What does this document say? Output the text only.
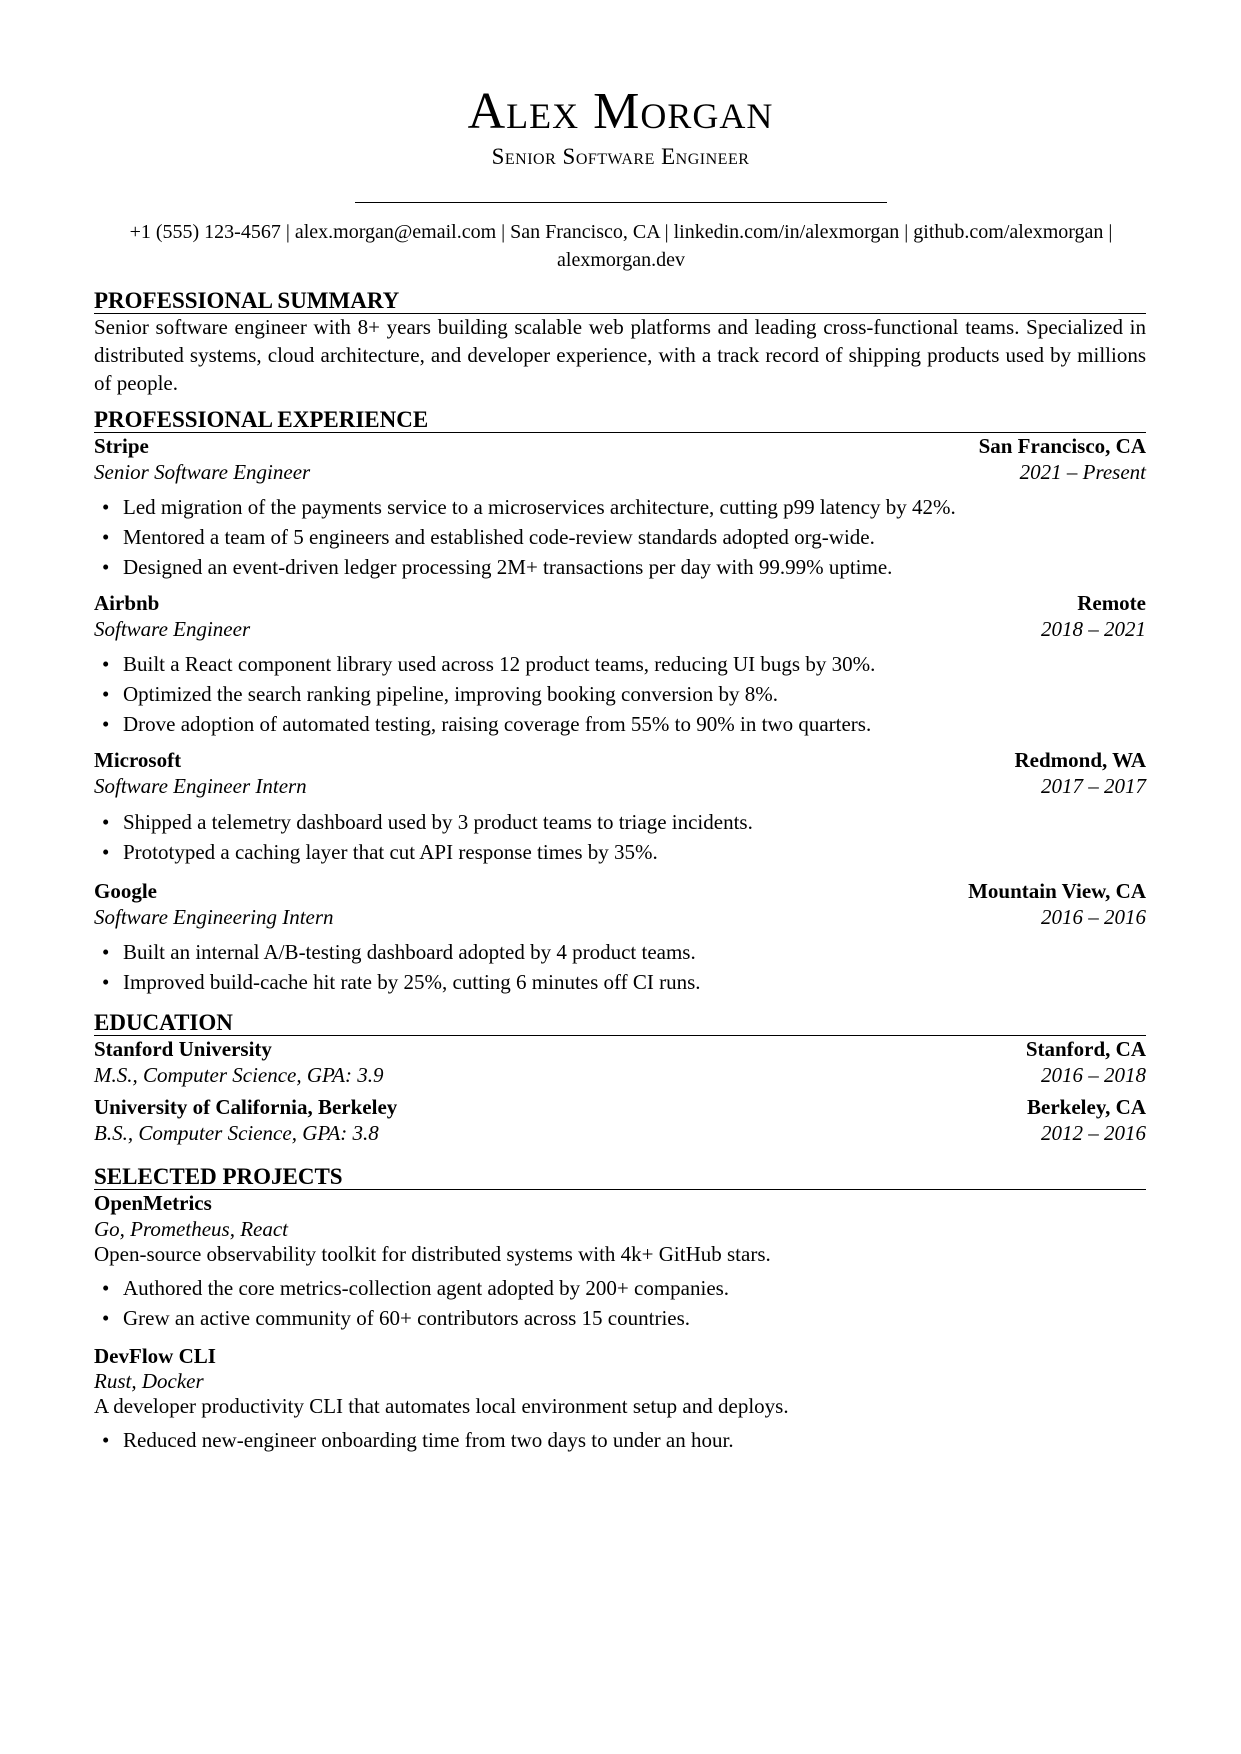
Alex Morgan
Senior Software Engineer
+1 (555) 123-4567 | alex.morgan@email.com | San Francisco, CA | linkedin.com/in/alexmorgan | github.com/alexmorgan |
alexmorgan.dev
PROFESSIONAL SUMMARY
Senior software engineer with 8+ years building scalable web platforms and leading cross-functional teams. Specialized in distributed systems, cloud architecture, and developer experience, with a track record of shipping products used by millions of people.
PROFESSIONAL EXPERIENCE
Stripe	San Francisco, CA
Senior Software Engineer	2021 – Present
• Led migration of the payments service to a microservices architecture, cutting p99 latency by 42%.
• Mentored a team of 5 engineers and established code-review standards adopted org-wide.
• Designed an event-driven ledger processing 2M+ transactions per day with 99.99% uptime.
Airbnb	Remote
Software Engineer	2018 – 2021
• Built a React component library used across 12 product teams, reducing UI bugs by 30%.
• Optimized the search ranking pipeline, improving booking conversion by 8%.
• Drove adoption of automated testing, raising coverage from 55% to 90% in two quarters.
Microsoft	Redmond, WA
Software Engineer Intern	2017 – 2017
• Shipped a telemetry dashboard used by 3 product teams to triage incidents.
• Prototyped a caching layer that cut API response times by 35%.
Google	Mountain View, CA
Software Engineering Intern	2016 – 2016
• Built an internal A/B-testing dashboard adopted by 4 product teams.
• Improved build-cache hit rate by 25%, cutting 6 minutes off CI runs.
EDUCATION
Stanford University	Stanford, CA
M.S., Computer Science, GPA: 3.9	2016 – 2018
University of California, Berkeley	Berkeley, CA
B.S., Computer Science, GPA: 3.8	2012 – 2016
SELECTED PROJECTS
OpenMetrics
Go, Prometheus, React
Open-source observability toolkit for distributed systems with 4k+ GitHub stars.
• Authored the core metrics-collection agent adopted by 200+ companies.
• Grew an active community of 60+ contributors across 15 countries.
DevFlow CLI
Rust, Docker
A developer productivity CLI that automates local environment setup and deploys.
• Reduced new-engineer onboarding time from two days to under an hour.
